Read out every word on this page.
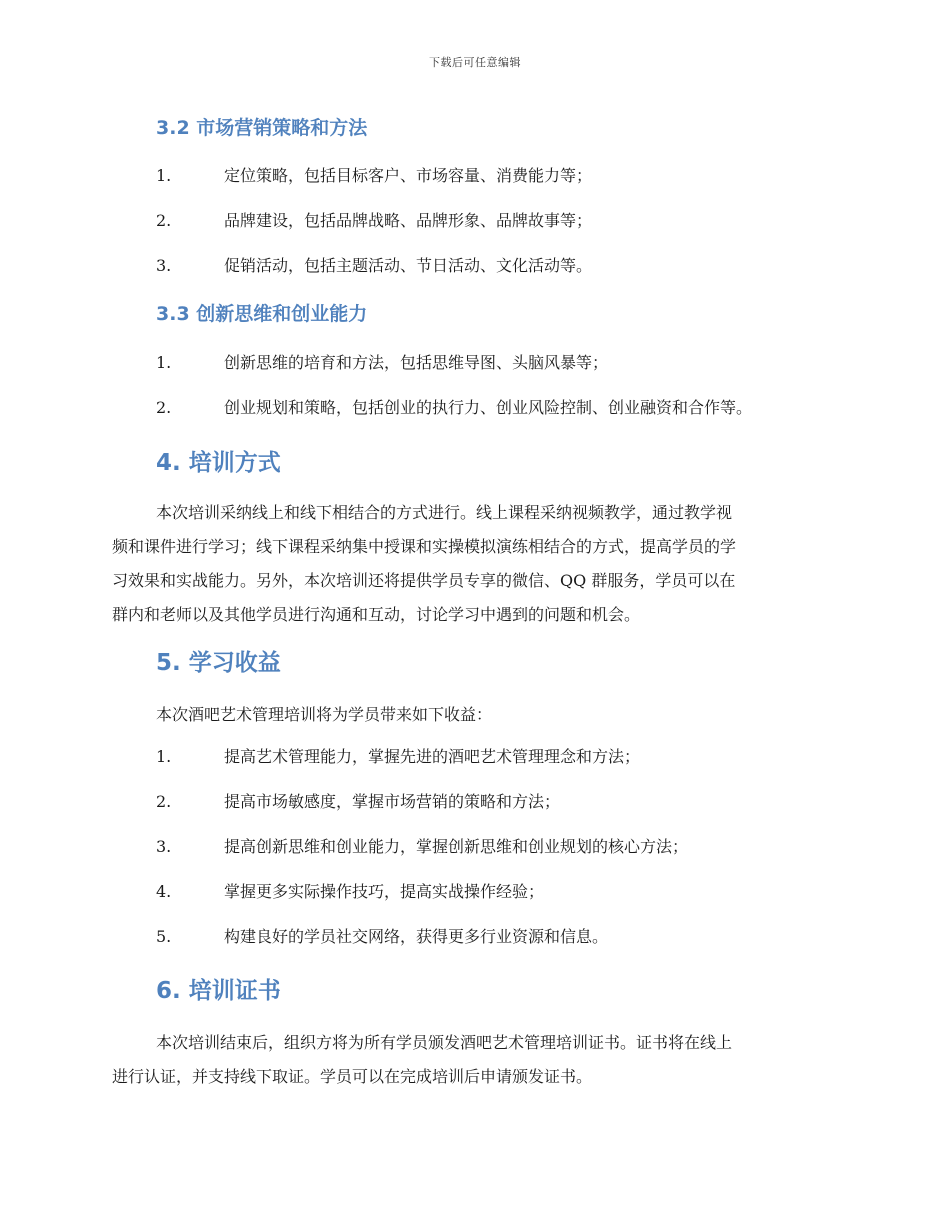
下载后可任意编辑
3.2 市场营销策略和方法
1.	定位策略，包括目标客户、市场容量、消费能力等；
2.	品牌建设，包括品牌战略、品牌形象、品牌故事等；
3.	促销活动，包括主题活动、节日活动、文化活动等。
3.3 创新思维和创业能力
1.	创新思维的培育和方法，包括思维导图、头脑风暴等；
2.	创业规划和策略，包括创业的执行力、创业风险控制、创业融资和合作等。
4. 培训方式
本次培训采纳线上和线下相结合的方式进行。线上课程采纳视频教学，通过教学视
频和课件进行学习；线下课程采纳集中授课和实操模拟演练相结合的方式，提高学员的学
习效果和实战能力。另外，本次培训还将提供学员专享的微信、QQ 群服务，学员可以在
群内和老师以及其他学员进行沟通和互动，讨论学习中遇到的问题和机会。
5. 学习收益
本次酒吧艺术管理培训将为学员带来如下收益：
1.	提高艺术管理能力，掌握先进的酒吧艺术管理理念和方法；
2.	提高市场敏感度，掌握市场营销的策略和方法；
3.	提高创新思维和创业能力，掌握创新思维和创业规划的核心方法；
4.	掌握更多实际操作技巧，提高实战操作经验；
5.	构建良好的学员社交网络，获得更多行业资源和信息。
6. 培训证书
本次培训结束后，组织方将为所有学员颁发酒吧艺术管理培训证书。证书将在线上
进行认证，并支持线下取证。学员可以在完成培训后申请颁发证书。
